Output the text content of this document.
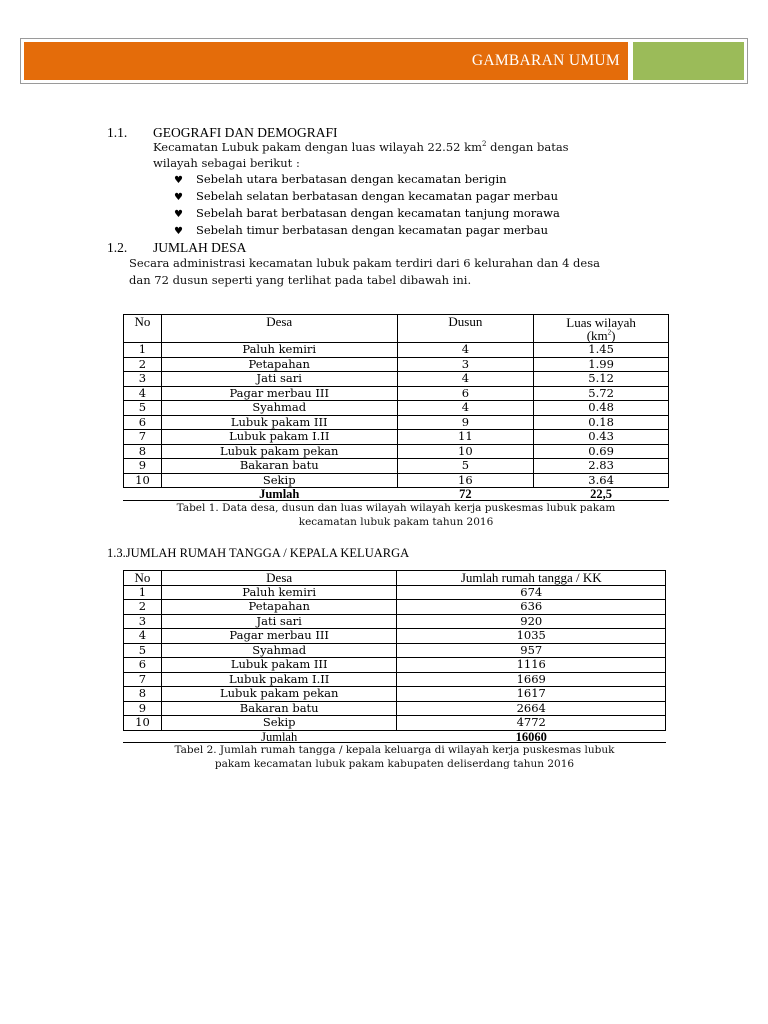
GAMBARAN UMUM
1.1. GEOGRAFI DAN DEMOGRAFI
Kecamatan Lubuk pakam dengan luas wilayah 22.52 $km^2$ dengan batas
wilayah sebagai berikut :
♥ Sebelah utara berbatasan dengan kecamatan berigin
♥ Sebelah selatan berbatasan dengan kecamatan pagar merbau
♥ Sebelah barat berbatasan dengan kecamatan tanjung morawa
♥ Sebelah timur berbatasan dengan kecamatan pagar merbau
1.2. JUMLAH DESA
Secara administrasi kecamatan lubuk pakam terdiri dari 6 kelurahan dan 4 desa
dan 72 dusun seperti yang terlihat pada tabel dibawah ini.
No	Desa	Dusun	Luas wilayah
$(km^2)$
1	Paluh kemiri	4	1.45
2	Petapahan	3	1.99
3	Jati sari	4	5.12
4	Pagar merbau III	6	5.72
5	Syahmad	4	0.48
6	Lubuk pakam III	9	0.18
7	Lubuk pakam I.II	11	0.43
8	Lubuk pakam pekan	10	0.69
9	Bakaran batu	5	2.83
10	Sekip	16	3.64
	Jumlah	72	22,5
Tabel 1. Data desa, dusun dan luas wilayah wilayah kerja puskesmas lubuk pakam
kecamatan lubuk pakam tahun 2016
1.3.JUMLAH RUMAH TANGGA / KEPALA KELUARGA
No	Desa	Jumlah rumah tangga / KK
1	Paluh kemiri	674
2	Petapahan	636
3	Jati sari	920
4	Pagar merbau III	1035
5	Syahmad	957
6	Lubuk pakam III	1116
7	Lubuk pakam I.II	1669
8	Lubuk pakam pekan	1617
9	Bakaran batu	2664
10	Sekip	4772
	Jumlah	16060
Tabel 2. Jumlah rumah tangga / kepala keluarga di wilayah kerja puskesmas lubuk
pakam kecamatan lubuk pakam kabupaten deliserdang tahun 2016
